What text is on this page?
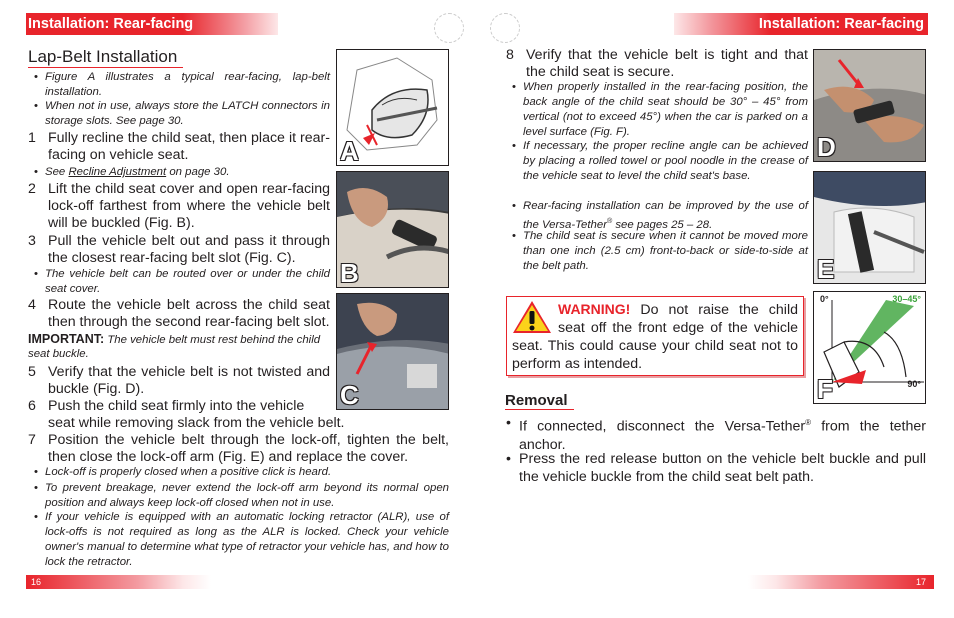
Installation: Rear-facing	Installation: Rear-facing
16	17
Lap-Belt Installation
• Figure A illustrates a typical rear-facing, lap-belt installation.
• When not in use, always store the LATCH connectors in storage slots. See page 30.
1 Fully recline the child seat, then place it rear-facing on vehicle seat.
• See Recline Adjustment on page 30.
2 Lift the child seat cover and open rear-facing lock-off farthest from where the vehicle belt will be buckled (Fig. B).
3 Pull the vehicle belt out and pass it through the closest rear-facing belt slot (Fig. C).
• The vehicle belt can be routed over or under the child seat cover.
4 Route the vehicle belt across the child seat then through the second rear-facing belt slot.
IMPORTANT: The vehicle belt must rest behind the child seat buckle.
5 Verify that the vehicle belt is not twisted and buckle (Fig. D).
6 Push the child seat firmly into the vehicle
seat while removing slack from the vehicle belt.
7 Position the vehicle belt through the lock-off, tighten the belt, then close the lock-off arm (Fig. E) and replace the cover.
• Lock-off is properly closed when a positive click is heard.
• To prevent breakage, never extend the lock-off arm beyond its normal open position and always keep lock-off closed when not in use.
• If your vehicle is equipped with an automatic locking retractor (ALR), use of lock-offs is not required as long as the ALR is locked. Check your vehicle owner's manual to determine what type of retractor your vehicle has, and how to lock the retractor.
A
B
C
8 Verify that the vehicle belt is tight and that the child seat is secure.
• When properly installed in the rear-facing position, the back angle of the child seat should be 30° – 45° from vertical (not to exceed 45°) when the car is parked on a level surface (Fig. F).
• If necessary, the proper recline angle can be achieved by placing a rolled towel or pool noodle in the crease of the vehicle seat to level the child seat's base.
• Rear-facing installation can be improved by the use of the Versa-Tether® see pages 25 – 28.
• The child seat is secure when it cannot be moved more than one inch (2.5 cm) front-to-back or side-to-side at the belt path.
WARNING! Do not raise the child seat off the front edge of the vehicle seat. This could cause your child seat not to perform as intended.
Removal
• If connected, disconnect the Versa-Tether® from the tether anchor.
• Press the red release button on the vehicle belt buckle and pull the vehicle buckle from the child seat belt path.
D
E
0°	30–45°
90°
F
